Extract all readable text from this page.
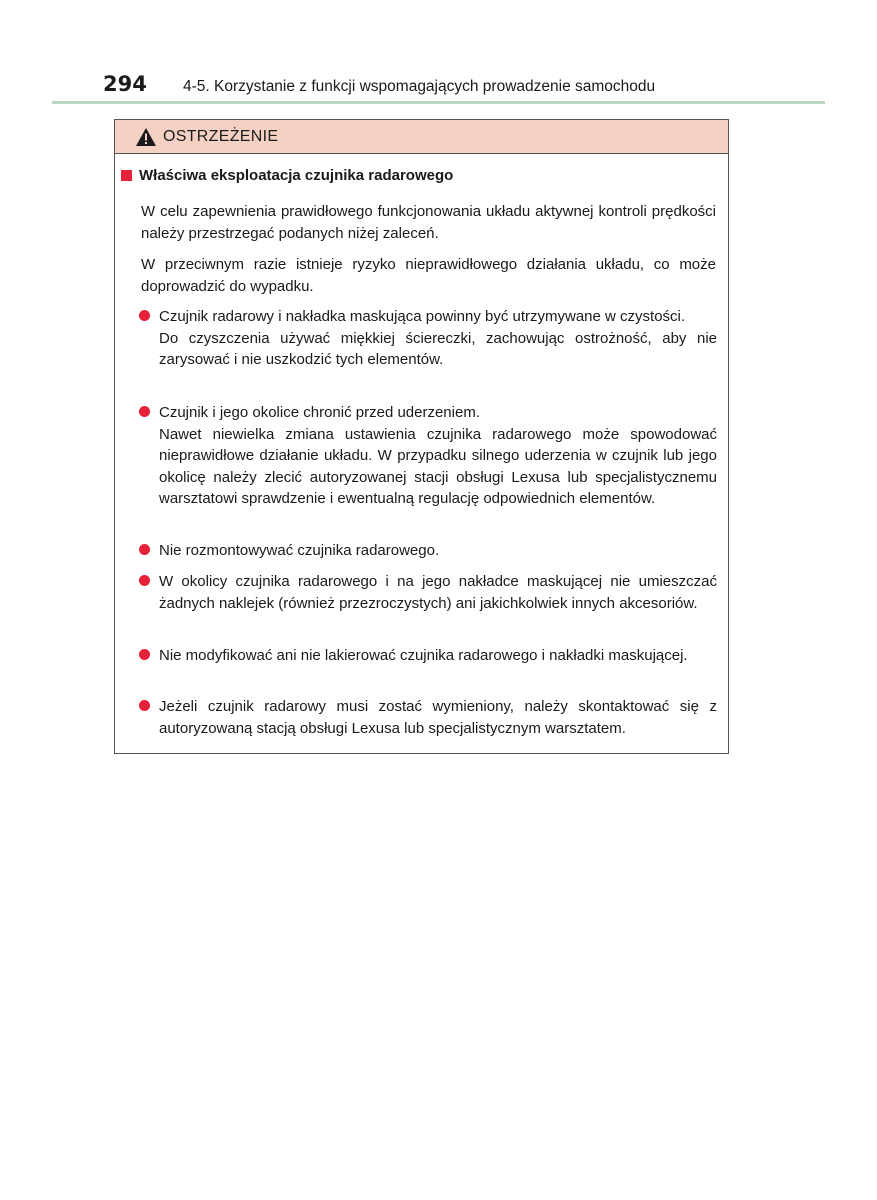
294 4-5. Korzystanie z funkcji wspomagających prowadzenie samochodu
OSTRZEŻENIE
Właściwa eksploatacja czujnika radarowego

W celu zapewnienia prawidłowego funkcjonowania układu aktywnej kontroli prędkości należy przestrzegać podanych niżej zaleceń.

W przeciwnym razie istnieje ryzyko nieprawidłowego działania układu, co może doprowadzić do wypadku.

Czujnik radarowy i nakładka maskująca powinny być utrzymywane w czystości.
Do czyszczenia używać miękkiej ściereczki, zachowując ostrożność, aby nie zarysować i nie uszkodzić tych elementów.
Czujnik i jego okolice chronić przed uderzeniem.
Nawet niewielka zmiana ustawienia czujnika radarowego może spowodować nieprawidłowe działanie układu. W przypadku silnego uderzenia w czujnik lub jego okolicę należy zlecić autoryzowanej stacji obsługi Lexusa lub specjalistycznemu warsztatowi sprawdzenie i ewentualną regulację odpowiednich elementów.
Nie rozmontowywać czujnika radarowego.
W okolicy czujnika radarowego i na jego nakładce maskującej nie umieszczać żadnych naklejek (również przezroczystych) ani jakichkolwiek innych akcesoriów.
Nie modyfikować ani nie lakierować czujnika radarowego i nakładki maskującej.
Jeżeli czujnik radarowy musi zostać wymieniony, należy skontaktować się z autoryzowaną stacją obsługi Lexusa lub specjalistycznym warsztatem.
